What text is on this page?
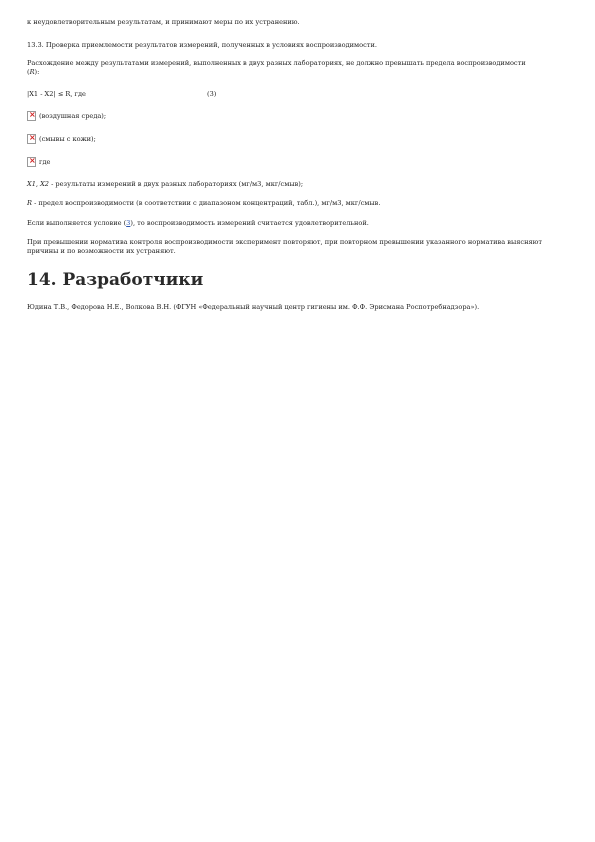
к неудовлетворительным результатам, и принимают меры по их устранению.
13.3. Проверка приемлемости результатов измерений, полученных в условиях воспроизводимости.
Расхождение между результатами измерений, выполненных в двух разных лабораториях, не должно превышать предела воспроизводимости (R):
|X1 - X2| ≤ R, где	(3)
×
(воздушная среда);
×
(смывы с кожи);
×
где
X1, X2 - результаты измерений в двух разных лабораториях (мг/м3, мкг/смыв);
R - предел воспроизводимости (в соответствии с диапазоном концентраций, табл.), мг/м3, мкг/смыв.
Если выполняется условие (3), то воспроизводимость измерений считается удовлетворительной.
При превышении норматива контроля воспроизводимости эксперимент повторяют, при повторном превышении указанного норматива выясняют причины и по возможности их устраняют.
14. Разработчики
Юдина Т.В., Федорова Н.Е., Волкова В.Н. (ФГУН «Федеральный научный центр гигиены им. Ф.Ф. Эрисмана Роспотребнадзора»).
